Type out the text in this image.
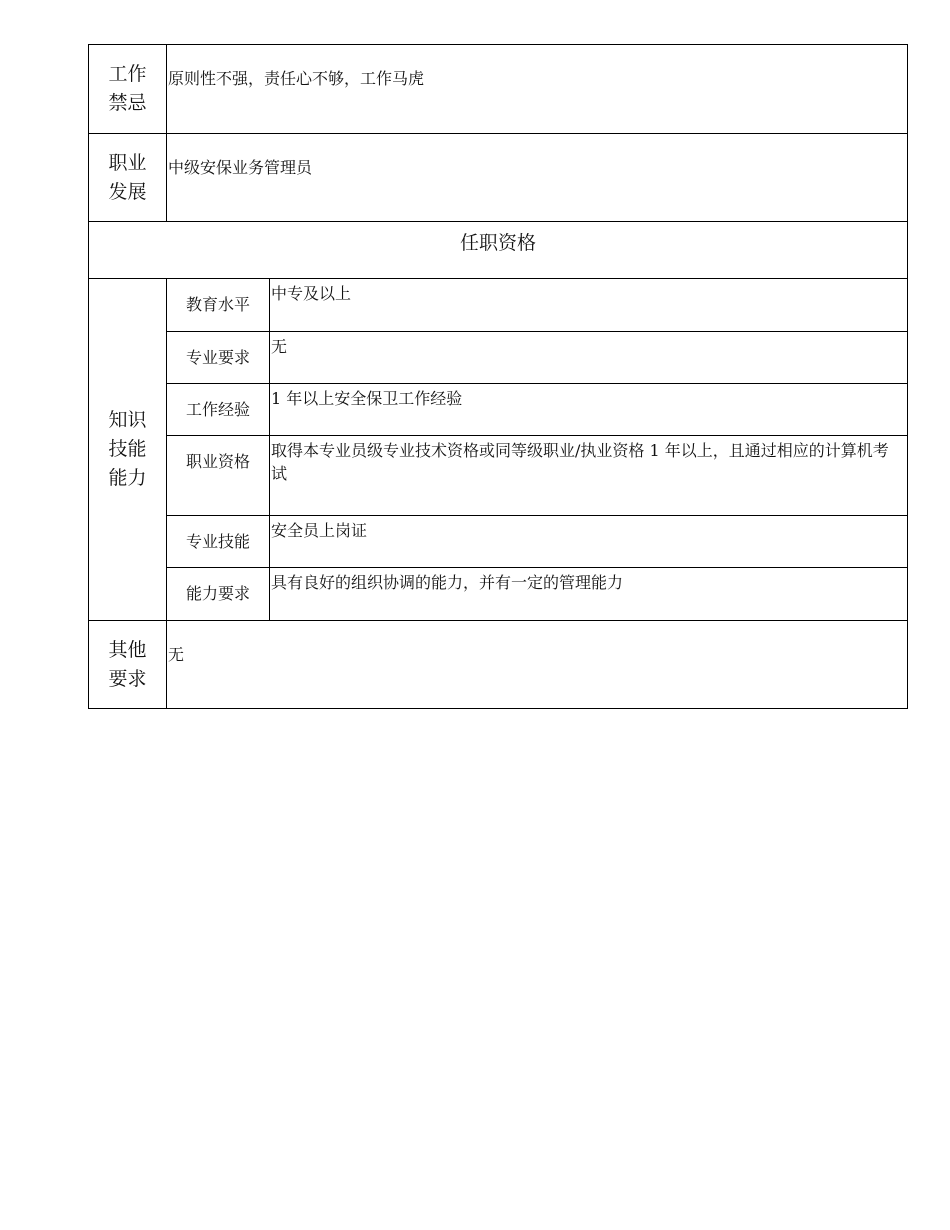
工作
禁忌	原则性不强，责任心不够，工作马虎	

职业
发展	中级安保业务管理员	
任职资格		

知识
技能
能力	教育水平	中专及以上
	专业要求	无
	工作经验	1 年以上安全保卫工作经验
	职业资格	取得本专业员级专业技术资格或同等级职业/执业资格 1 年以上，且通过相应的计算机考试
	专业技能	安全员上岗证
	能力要求	具有良好的组织协调的能力，并有一定的管理能力

其他
要求	无	
